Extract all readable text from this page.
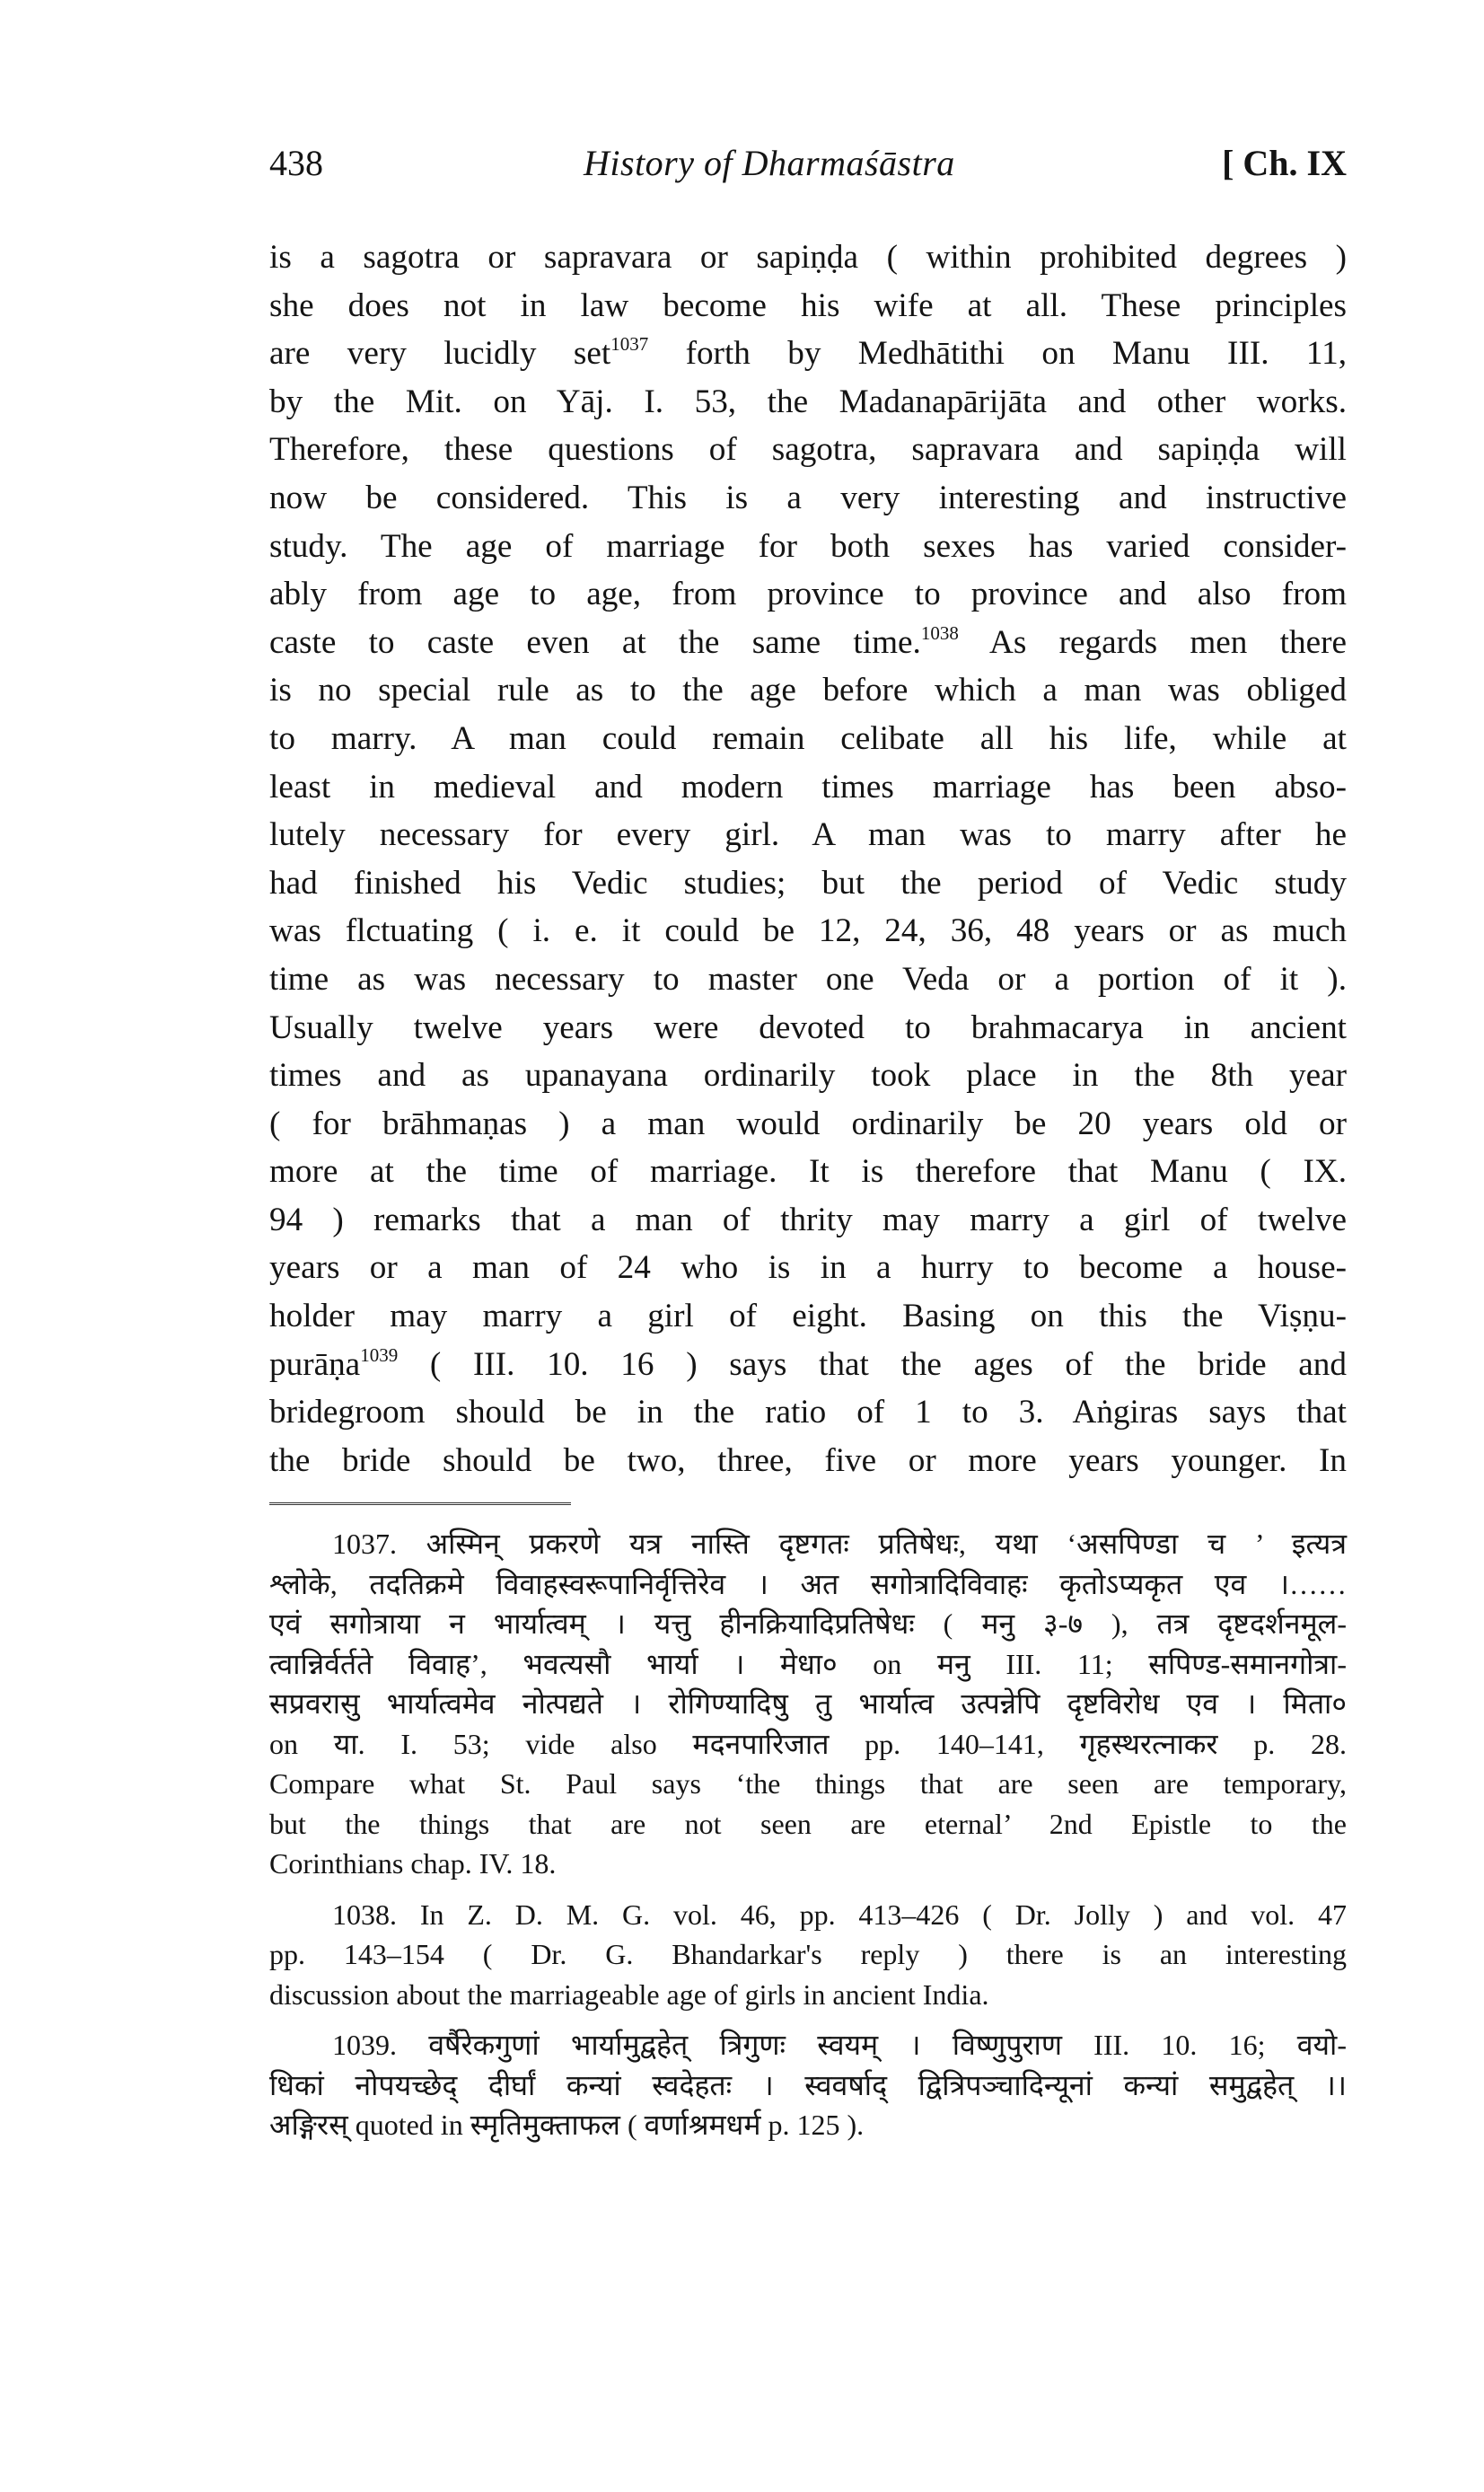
438	History of Dharmaśāstra	[ Ch. IX
is a sagotra or sapravara or sapiṇḍa ( within prohibited degrees )
she does not in law become his wife at all. These principles
are very lucidly set$^{1037}$ forth by Medhātithi on Manu III. 11,
by the Mit. on Yāj. I. 53, the Madanapārijāta and other works.
Therefore, these questions of sagotra, sapravara and sapiṇḍa will
now be considered. This is a very interesting and instructive
study. The age of marriage for both sexes has varied consider-
ably from age to age, from province to province and also from
caste to caste even at the same time.$^{1038}$ As regards men there
is no special rule as to the age before which a man was obliged
to marry. A man could remain celibate all his life, while at
least in medieval and modern times marriage has been abso-
lutely necessary for every girl. A man was to marry after he
had finished his Vedic studies; but the period of Vedic study
was flctuating ( i. e. it could be 12, 24, 36, 48 years or as much
time as was necessary to master one Veda or a portion of it ).
Usually twelve years were devoted to brahmacarya in ancient
times and as upanayana ordinarily took place in the 8th year
( for brāhmaṇas ) a man would ordinarily be 20 years old or
more at the time of marriage. It is therefore that Manu ( IX.
94 ) remarks that a man of thrity may marry a girl of twelve
years or a man of 24 who is in a hurry to become a house-
holder may marry a girl of eight. Basing on this the Viṣṇu-
purāṇa$^{1039}$ ( III. 10. 16 ) says that the ages of the bride and
bridegroom should be in the ratio of 1 to 3. Aṅgiras says that
the bride should be two, three, five or more years younger. In
1037. अस्मिन् प्रकरणे यत्र नास्ति दृष्टगतः प्रतिषेधः, यथा ‘असपिण्डा च ’ इत्यत्र
श्लोके, तदतिक्रमे विवाहस्वरूपानिर्वृत्तिरेव । अत सगोत्रादिविवाहः कृतोऽप्यकृत एव ।……
एवं सगोत्राया न भार्यात्वम् । यत्तु हीनक्रियादिप्रतिषेधः ( मनु ३-७ ), तत्र दृष्टदर्शनमूल-
त्वान्निर्वर्तते विवाह’, भवत्यसौ भार्या । मेधा० on मनु III. 11; सपिण्ड-समानगोत्रा-
सप्रवरासु भार्यात्वमेव नोत्पद्यते । रोगिण्यादिषु तु भार्यात्व उत्पन्नेपि दृष्टविरोध एव । मिता०
on या. I. 53; vide also मदनपारिजात pp. 140–141, गृहस्थरत्नाकर p. 28.
Compare what St. Paul says ‘the things that are seen are temporary,
but the things that are not seen are eternal’ 2nd Epistle to the
Corinthians chap. IV. 18.
1038. In Z. D. M. G. vol. 46, pp. 413–426 ( Dr. Jolly ) and vol. 47
pp. 143–154 ( Dr. G. Bhandarkar's reply ) there is an interesting
discussion about the marriageable age of girls in ancient India.
1039. वर्षैरेकगुणां भार्यामुद्वहेत् त्रिगुणः स्वयम् । विष्णुपुराण III. 10. 16; वयो-
धिकां नोपयच्छेद् दीर्घां कन्यां स्वदेहतः । स्ववर्षाद् द्वित्रिपञ्चादिन्यूनां कन्यां समुद्वहेत् ।।
अङ्गिरस् quoted in स्मृतिमुक्ताफल ( वर्णाश्रमधर्म p. 125 ).
